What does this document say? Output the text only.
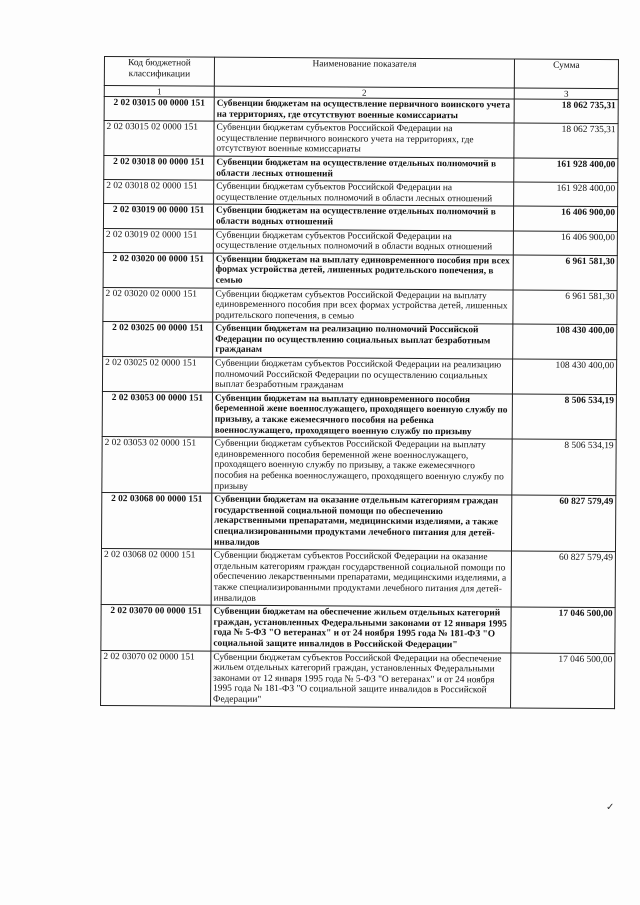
Код бюджетной классификации	Наименование показателя	Сумма
1	2	3
2 02 03015 00 0000 151	Субвенции бюджетам на осуществление первичного воинского учета на территориях, где отсутствуют военные комиссариаты	18 062 735,31
2 02 03015 02 0000 151	Субвенции бюджетам субъектов Российской Федерации на осуществление первичного воинского учета на территориях, где отсутствуют военные комиссариаты	18 062 735,31
2 02 03018 00 0000 151	Субвенции бюджетам на осуществление отдельных полномочий в области лесных отношений	161 928 400,00
2 02 03018 02 0000 151	Субвенции бюджетам субъектов Российской Федерации на осуществление отдельных полномочий в области лесных отношений	161 928 400,00
2 02 03019 00 0000 151	Субвенции бюджетам на осуществление отдельных полномочий в области водных отношений	16 406 900,00
2 02 03019 02 0000 151	Субвенции бюджетам субъектов Российской Федерации на осуществление отдельных полномочий в области водных отношений	16 406 900,00
2 02 03020 00 0000 151	Субвенции бюджетам на выплату единовременного пособия при всех формах устройства детей, лишенных родительского попечения, в семью	6 961 581,30
2 02 03020 02 0000 151	Субвенции бюджетам субъектов Российской Федерации на выплату единовременного пособия при всех формах устройства детей, лишенных родительского попечения, в семью	6 961 581,30
2 02 03025 00 0000 151	Субвенции бюджетам на реализацию полномочий Российской Федерации по осуществлению социальных выплат безработным гражданам	108 430 400,00
2 02 03025 02 0000 151	Субвенции бюджетам субъектов Российской Федерации на реализацию полномочий Российской Федерации по осуществлению социальных выплат безработным гражданам	108 430 400,00
2 02 03053 00 0000 151	Субвенции бюджетам на выплату единовременного пособия беременной жене военнослужащего, проходящего военную службу по призыву, а также ежемесячного пособия на ребенка военнослужащего, проходящего военную службу по призыву	8 506 534,19
2 02 03053 02 0000 151	Субвенции бюджетам субъектов Российской Федерации на выплату единовременного пособия беременной жене военнослужащего, проходящего военную службу по призыву, а также ежемесячного пособия на ребенка военнослужащего, проходящего военную службу по призыву	8 506 534,19
2 02 03068 00 0000 151	Субвенции бюджетам на оказание отдельным категориям граждан государственной социальной помощи по обеспечению лекарственными препаратами, медицинскими изделиями, а также специализированными продуктами лечебного питания для детей-инвалидов	60 827 579,49
2 02 03068 02 0000 151	Субвенции бюджетам субъектов Российской Федерации на оказание отдельным категориям граждан государственной социальной помощи по обеспечению лекарственными препаратами, медицинскими изделиями, а также специализированными продуктами лечебного питания для детей-инвалидов	60 827 579,49
2 02 03070 00 0000 151	Субвенции бюджетам на обеспечение жильем отдельных категорий граждан, установленных Федеральными законами от 12 января 1995 года № 5-ФЗ "О ветеранах" и от 24 ноября 1995 года № 181-ФЗ "О социальной защите инвалидов в Российской Федерации"	17 046 500,00
2 02 03070 02 0000 151	Субвенции бюджетам субъектов Российской Федерации на обеспечение жильем отдельных категорий граждан, установленных Федеральными законами от 12 января 1995 года № 5-ФЗ "О ветеранах" и от 24 ноября 1995 года № 181-ФЗ "О социальной защите инвалидов в Российской Федерации"	17 046 500,00
✓
